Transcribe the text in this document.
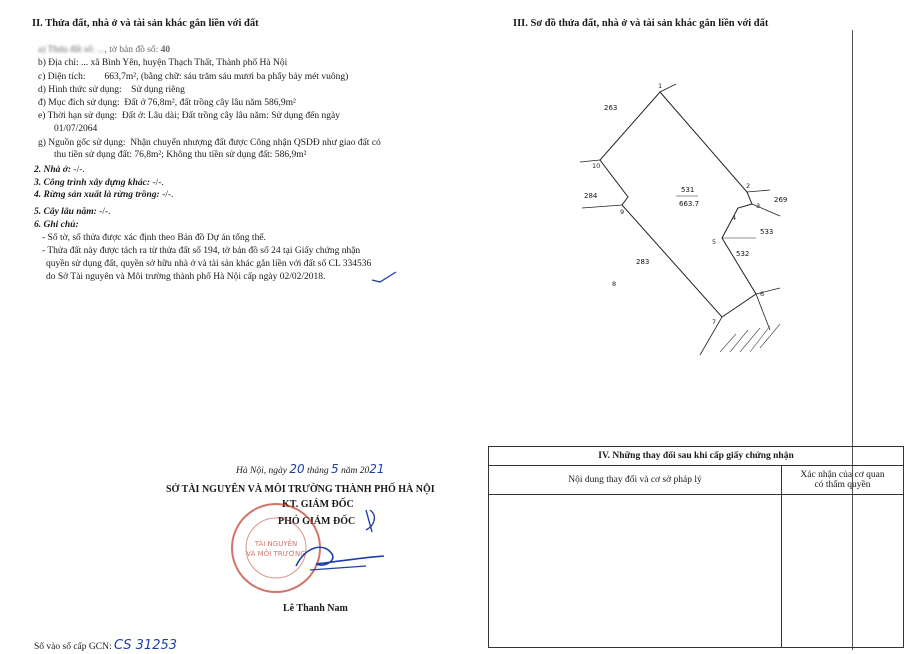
II. Thửa đất, nhà ở và tài sản khác gắn liền với đất
a) Thửa đất số: ..., tờ bản đồ số: 40
b) Địa chỉ: ... xã Bình Yên, huyện Thạch Thất, Thành phố Hà Nội
c) Diện tích: 663,7m², (bằng chữ: sáu trăm sáu mươi ba phẩy bảy mét vuông)
d) Hình thức sử dụng: Sử dụng riêng
đ) Mục đích sử dụng: Đất ở 76,8m², đất trồng cây lâu năm 586,9m²
e) Thời hạn sử dụng: Đất ở: Lâu dài; Đất trồng cây lâu năm: Sử dụng đến ngày
01/07/2064
g) Nguồn gốc sử dụng: Nhận chuyển nhượng đất được Công nhận QSDĐ như giao đất có
thu tiền sử dụng đất: 76,8m²; Không thu tiền sử dụng đất: 586,9m²
2. Nhà ở: -/-.
3. Công trình xây dựng khác: -/-.
4. Rừng sản xuất là rừng trồng: -/-.
5. Cây lâu năm: -/-.
6. Ghi chú:
- Số tờ, số thửa được xác định theo Bản đồ Dự án tổng thể.
- Thửa đất này được tách ra từ thửa đất số 194, tờ bản đồ số 24 tại Giấy chứng nhận
quyền sử dụng đất, quyền sở hữu nhà ở và tài sản khác gắn liền với đất số CL 334536
do Sở Tài nguyên và Môi trường thành phố Hà Nội cấp ngày 02/02/2018.
Hà Nội, ngày 20 tháng 5 năm 2021
SỞ TÀI NGUYÊN VÀ MÔI TRƯỜNG THÀNH PHỐ HÀ NỘI
KT. GIÁM ĐỐC
PHÓ GIÁM ĐỐC
TÀI NGUYÊN
VÀ MÔI TRƯỜNG
Lê Thanh Nam
Số vào sổ cấp GCN: CS 31253
III. Sơ đồ thửa đất, nhà ở và tài sản khác gắn liền với đất
263
284
283
269
533
532
531
663.7
1
2
3
4
5
6
7
8
9
10
IV. Những thay đổi sau khi cấp giấy chứng nhận	
Nội dung thay đổi và cơ sở pháp lý	Xác nhận của cơ quan
có thẩm quyền
